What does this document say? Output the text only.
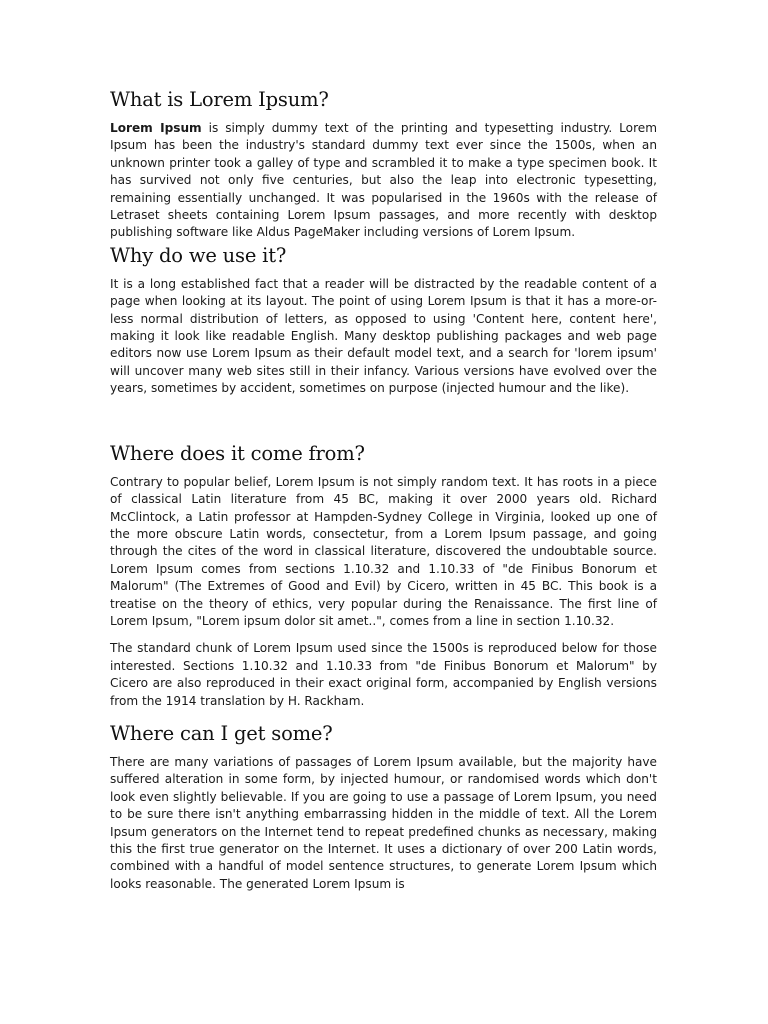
What is Lorem Ipsum?

Lorem Ipsum is simply dummy text of the printing and typesetting industry. Lorem Ipsum has been the industry's standard dummy text ever since the 1500s, when an unknown printer took a galley of type and scrambled it to make a type specimen book. It has survived not only five centuries, but also the leap into electronic typesetting, remaining essentially unchanged. It was popularised in the 1960s with the release of Letraset sheets containing Lorem Ipsum passages, and more recently with desktop publishing software like Aldus PageMaker including versions of Lorem Ipsum.

Why do we use it?

It is a long established fact that a reader will be distracted by the readable content of a page when looking at its layout. The point of using Lorem Ipsum is that it has a more-or-less normal distribution of letters, as opposed to using 'Content here, content here', making it look like readable English. Many desktop publishing packages and web page editors now use Lorem Ipsum as their default model text, and a search for 'lorem ipsum' will uncover many web sites still in their infancy. Various versions have evolved over the years, sometimes by accident, sometimes on purpose (injected humour and the like).

Where does it come from?

Contrary to popular belief, Lorem Ipsum is not simply random text. It has roots in a piece of classical Latin literature from 45 BC, making it over 2000 years old. Richard McClintock, a Latin professor at Hampden-Sydney College in Virginia, looked up one of the more obscure Latin words, consectetur, from a Lorem Ipsum passage, and going through the cites of the word in classical literature, discovered the undoubtable source. Lorem Ipsum comes from sections 1.10.32 and 1.10.33 of "de Finibus Bonorum et Malorum" (The Extremes of Good and Evil) by Cicero, written in 45 BC. This book is a treatise on the theory of ethics, very popular during the Renaissance. The first line of Lorem Ipsum, "Lorem ipsum dolor sit amet..", comes from a line in section 1.10.32.

The standard chunk of Lorem Ipsum used since the 1500s is reproduced below for those interested. Sections 1.10.32 and 1.10.33 from "de Finibus Bonorum et Malorum" by Cicero are also reproduced in their exact original form, accompanied by English versions from the 1914 translation by H. Rackham.

Where can I get some?

There are many variations of passages of Lorem Ipsum available, but the majority have suffered alteration in some form, by injected humour, or randomised words which don't look even slightly believable. If you are going to use a passage of Lorem Ipsum, you need to be sure there isn't anything embarrassing hidden in the middle of text. All the Lorem Ipsum generators on the Internet tend to repeat predefined chunks as necessary, making this the first true generator on the Internet. It uses a dictionary of over 200 Latin words, combined with a handful of model sentence structures, to generate Lorem Ipsum which looks reasonable. The generated Lorem Ipsum is
